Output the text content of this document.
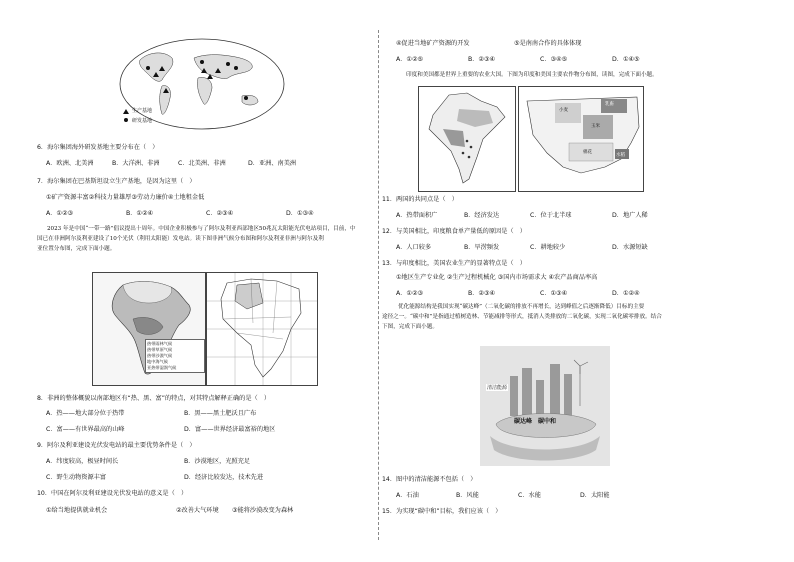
生产基地
研发基地
6．海尔集团海外研发基地主要分布在（　）
A．欧洲、北美洲	B．大洋洲、非洲	C．北美洲、非洲	D．亚洲、南美洲
7．海尔集团在巴基斯坦设立生产基地，是因为这里（　）
①矿产资源丰富②科技力量雄厚③劳动力廉价④土地租金低
A．①②③	B．①②④	C．②③④	D．①③④
2023 年是中国“一带一路”倡议提出十周年。中国企业积极参与了阿尔及利亚西部地区50兆瓦太阳能光伏电站项目，目前，中
国已在非洲阿尔及利亚建设了10个光伏（利用太阳能）发电站。读下图非洲气候分布图和阿尔及利亚非洲与阿尔及利
亚位置分布图，完成下面小题。
热带雨林气候
热带草原气候
热带沙漠气候
地中海气候
亚热带湿润气候
8．非洲的整体概貌以南部地区有“热、黑、富”的特点，对其特点解释正确的是（　）
A．热——地大部分位于热带	B．黑——黑土肥沃且广布
C．富——有世界最高的山峰	D．富——世界经济最富裕的地区
9．阿尔及利亚建设光伏发电站的最主要优势条件是（　）
A．纬度较高，极昼时间长	B．沙漠地区，光照充足
C．野生动物资源丰富	D．经济比较发达，技术先进
10．中国在阿尔及利亚建设光伏发电站的意义是（　）
①给当地提供就业机会	②改善大气环境 ③能将沙漠改变为森林
④促进当地矿产资源的开发	⑤是南南合作的具体体现
A．①②⑤	B．②③④	C．③④⑤	D．①④⑤
印度和美国都是世界上重要的农业大国。下图为印度和美国主要农作物分布图，读图，完成下面小题。
小麦
乳畜
棉花
玉米
水稻
11．两国的共同点是（　）
A．热带面积广	B．经济发达	C．位于北半球	D．地广人稀
12．与美国相比，印度粮食单产量低的原因是（　）
A．人口较多	B．旱涝频发	C．耕地较少	D．水源短缺
13．与印度相比，美国农业生产的显著特点是（　）
①地区生产专业化 ②生产过程机械化 ③国内市场需求大 ④农产品商品率高
A．①②③	B．②③④	C．①③④	D．①②④
优化能源结构是我国实现“碳达峰”（二氧化碳的排放不再增长，达到峰值之后逐渐降低）目标的主要
途径之一。“碳中和”是指通过植树造林、节能减排等形式，抵消人类排放的二氧化碳，实现二氧化碳零排放。结合
下图，完成下面小题。
清洁能源
碳达峰　碳中和
14．图中的清洁能源不包括（　）
A．石油	B．风能	C．水能	D．太阳能
15．为实现“碳中和”目标，我们应该（　）
